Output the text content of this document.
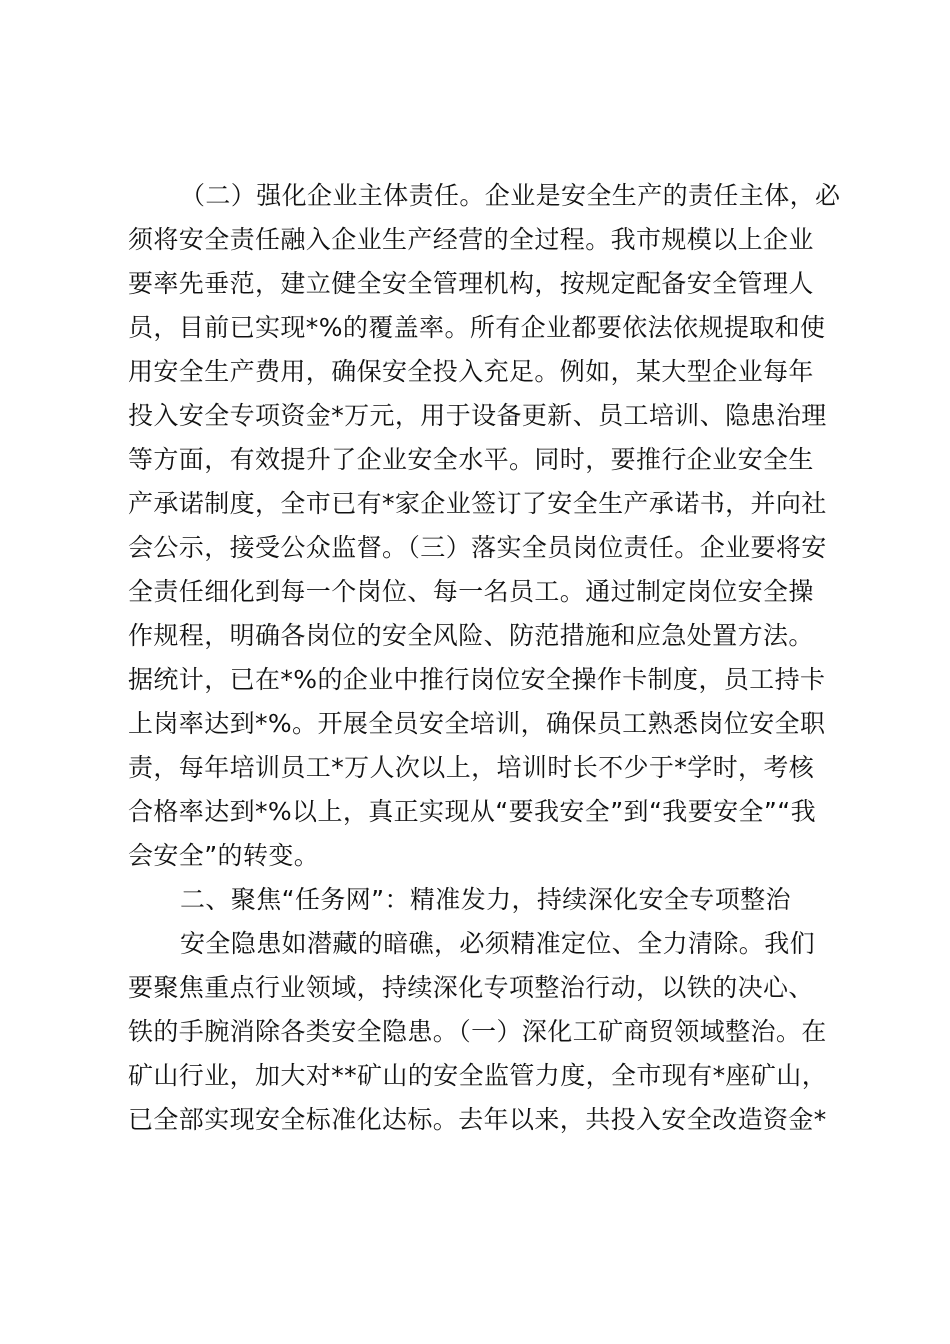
（二）强化企业主体责任。企业是安全生产的责任主体，必
须将安全责任融入企业生产经营的全过程。我市规模以上企业
要率先垂范，建立健全安全管理机构，按规定配备安全管理人
员，目前已实现*%的覆盖率。所有企业都要依法依规提取和使
用安全生产费用，确保安全投入充足。例如，某大型企业每年
投入安全专项资金*万元，用于设备更新、员工培训、隐患治理
等方面，有效提升了企业安全水平。同时，要推行企业安全生
产承诺制度，全市已有*家企业签订了安全生产承诺书，并向社
会公示，接受公众监督。（三）落实全员岗位责任。企业要将安
全责任细化到每一个岗位、每一名员工。通过制定岗位安全操
作规程，明确各岗位的安全风险、防范措施和应急处置方法。
据统计，已在*%的企业中推行岗位安全操作卡制度，员工持卡
上岗率达到*%。开展全员安全培训，确保员工熟悉岗位安全职
责，每年培训员工*万人次以上，培训时长不少于*学时，考核
合格率达到*%以上，真正实现从“要我安全”到“我要安全”“我
会安全”的转变。
二、聚焦“任务网”：精准发力，持续深化安全专项整治
安全隐患如潜藏的暗礁，必须精准定位、全力清除。我们
要聚焦重点行业领域，持续深化专项整治行动，以铁的决心、
铁的手腕消除各类安全隐患。（一）深化工矿商贸领域整治。在
矿山行业，加大对**矿山的安全监管力度，全市现有*座矿山，
已全部实现安全标准化达标。去年以来，共投入安全改造资金*
